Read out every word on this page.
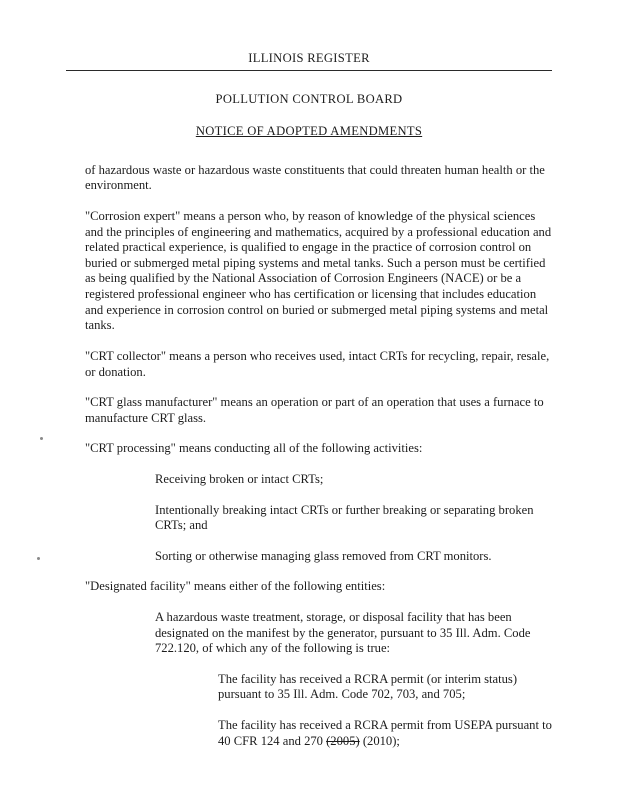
ILLINOIS REGISTER
POLLUTION CONTROL BOARD
NOTICE OF ADOPTED AMENDMENTS

of hazardous waste or hazardous waste constituents that could threaten human health or the environment.

"Corrosion expert" means a person who, by reason of knowledge of the physical sciences and the principles of engineering and mathematics, acquired by a professional education and related practical experience, is qualified to engage in the practice of corrosion control on buried or submerged metal piping systems and metal tanks. Such a person must be certified as being qualified by the National Association of Corrosion Engineers (NACE) or be a registered professional engineer who has certification or licensing that includes education and experience in corrosion control on buried or submerged metal piping systems and metal tanks.

"CRT collector" means a person who receives used, intact CRTs for recycling, repair, resale, or donation.

"CRT glass manufacturer" means an operation or part of an operation that uses a furnace to manufacture CRT glass.

"CRT processing" means conducting all of the following activities:

Receiving broken or intact CRTs;

Intentionally breaking intact CRTs or further breaking or separating broken CRTs; and

Sorting or otherwise managing glass removed from CRT monitors.

"Designated facility" means either of the following entities:

A hazardous waste treatment, storage, or disposal facility that has been designated on the manifest by the generator, pursuant to 35 Ill. Adm. Code 722.120, of which any of the following is true:

The facility has received a RCRA permit (or interim status) pursuant to 35 Ill. Adm. Code 702, 703, and 705;

The facility has received a RCRA permit from USEPA pursuant to 40 CFR 124 and 270 (2005) (2010);
